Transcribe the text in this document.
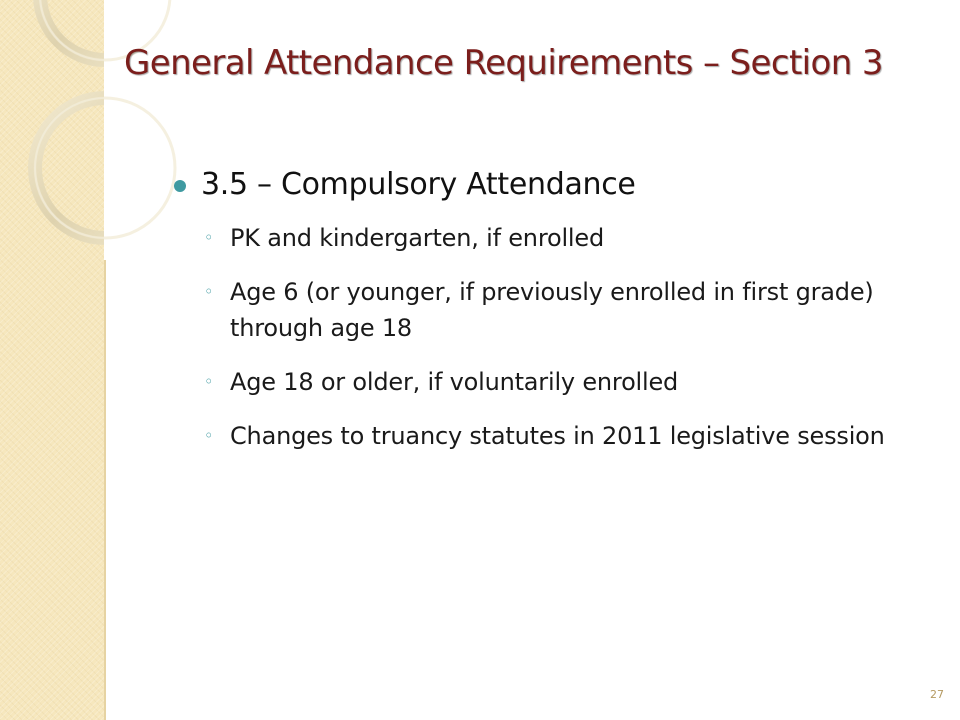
General Attendance Requirements – Section 3
3.5 – Compulsory Attendance
◦ PK and kindergarten, if enrolled
◦ Age 6 (or younger, if previously enrolled in first grade) through age 18
◦ Age 18 or older, if voluntarily enrolled
◦ Changes to truancy statutes in 2011 legislative session
27
